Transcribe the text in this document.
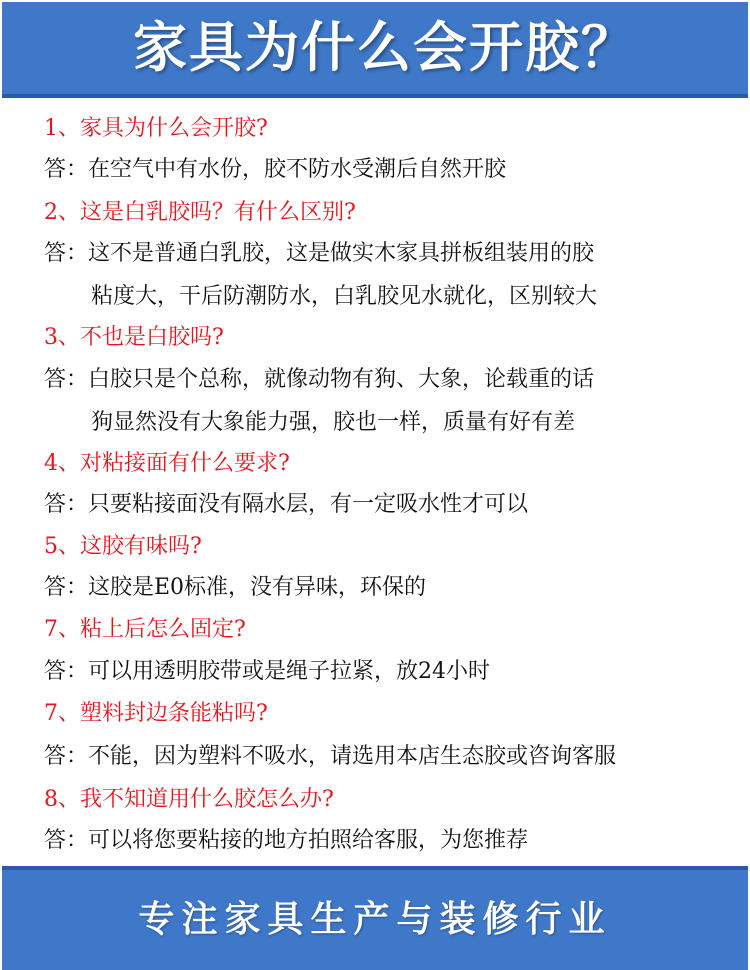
家具为什么会开胶？
1、家具为什么会开胶?
答：在空气中有水份，胶不防水受潮后自然开胶
2、这是白乳胶吗？有什么区别?
答：这不是普通白乳胶，这是做实木家具拼板组装用的胶
粘度大，干后防潮防水，白乳胶见水就化，区别较大
3、不也是白胶吗?
答：白胶只是个总称，就像动物有狗、大象，论载重的话
狗显然没有大象能力强，胶也一样，质量有好有差
4、对粘接面有什么要求?
答：只要粘接面没有隔水层，有一定吸水性才可以
5、这胶有味吗?
答：这胶是E0标准，没有异味，环保的
7、粘上后怎么固定?
答：可以用透明胶带或是绳子拉紧，放24小时
7、塑料封边条能粘吗?
答：不能，因为塑料不吸水，请选用本店生态胶或咨询客服
8、我不知道用什么胶怎么办?
答：可以将您要粘接的地方拍照给客服，为您推荐
专注家具生产与装修行业
